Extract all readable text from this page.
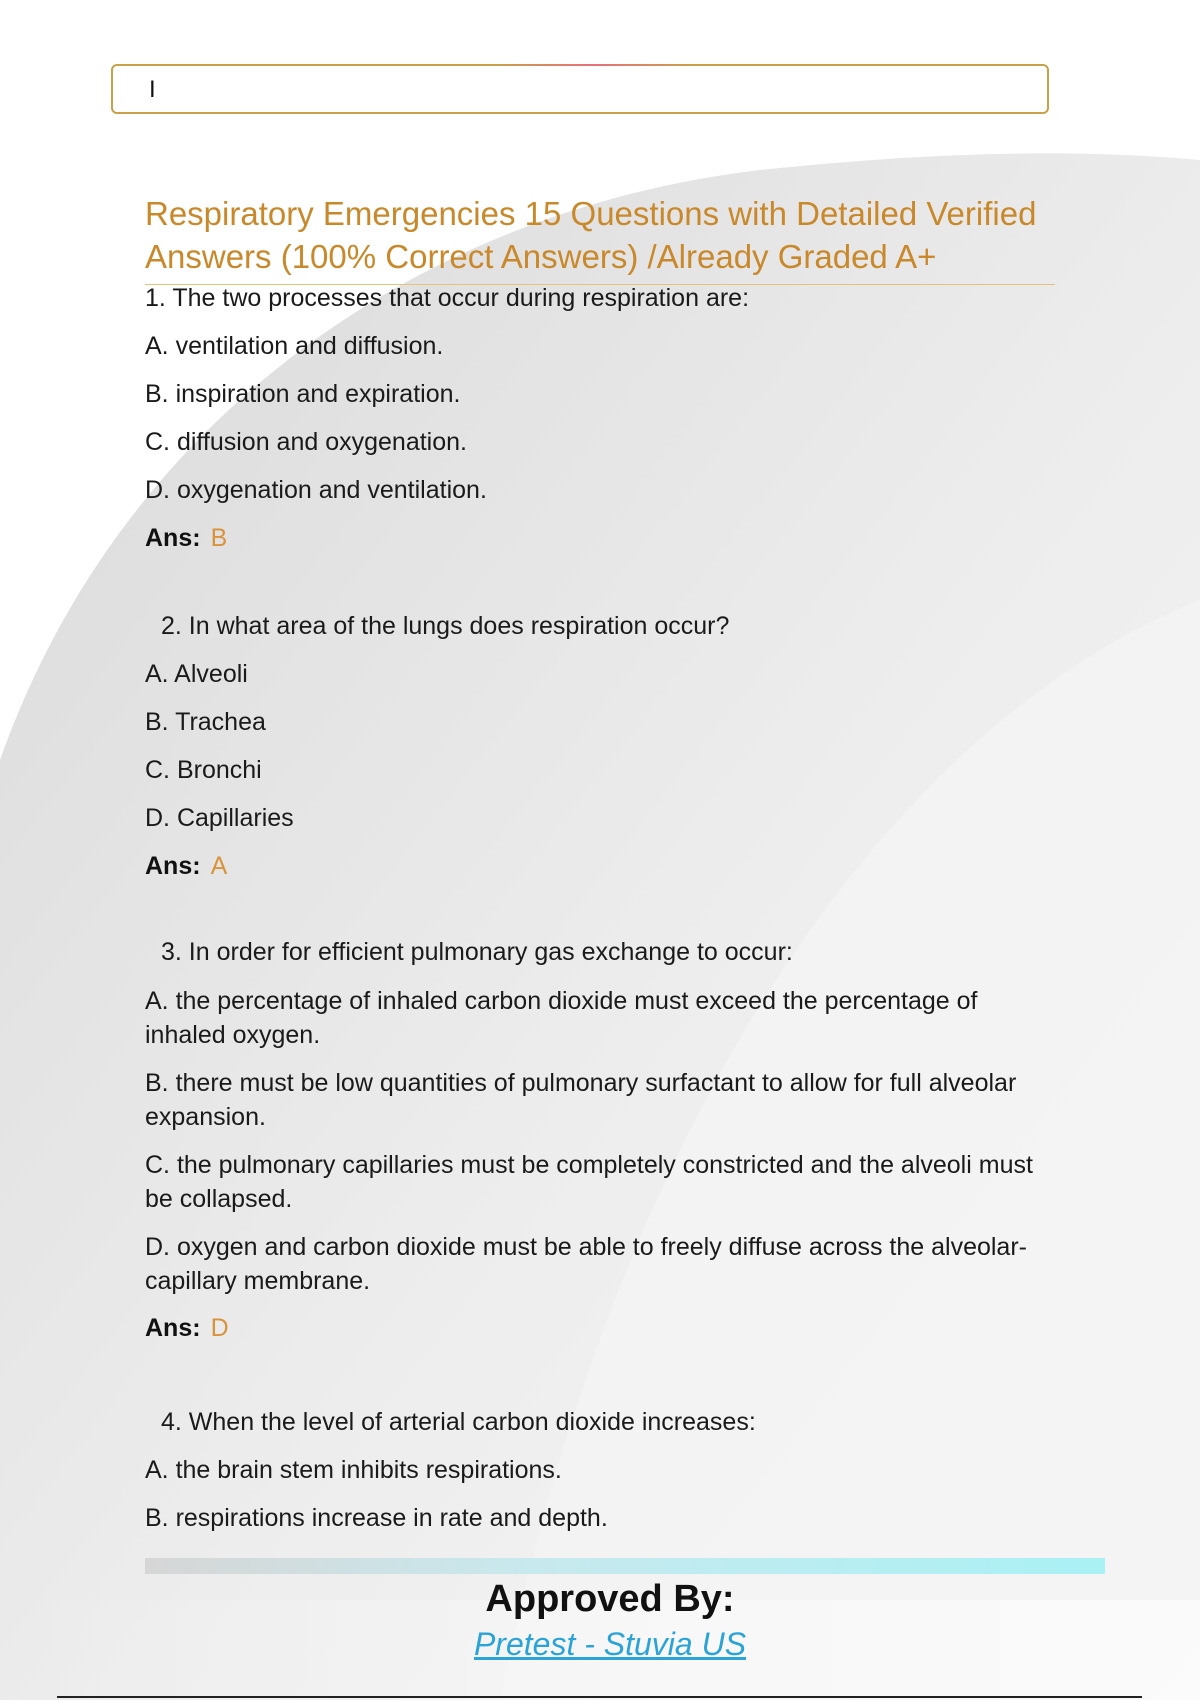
I
Respiratory Emergencies 15 Questions with Detailed Verified Answers (100% Correct Answers) /Already Graded A+

1. The two processes that occur during respiration are:

A. ventilation and diffusion.

B. inspiration and expiration.

C. diffusion and oxygenation.

D. oxygenation and ventilation.

Ans: B

2. In what area of the lungs does respiration occur?

A. Alveoli

B. Trachea

C. Bronchi

D. Capillaries

Ans: A

3. In order for efficient pulmonary gas exchange to occur:

A. the percentage of inhaled carbon dioxide must exceed the percentage of inhaled oxygen.

B. there must be low quantities of pulmonary surfactant to allow for full alveolar expansion.

C. the pulmonary capillaries must be completely constricted and the alveoli must be collapsed.

D. oxygen and carbon dioxide must be able to freely diffuse across the alveolar-capillary membrane.

Ans: D

4. When the level of arterial carbon dioxide increases:

A. the brain stem inhibits respirations.

B. respirations increase in rate and depth.

Approved By:
Pretest - Stuvia US
